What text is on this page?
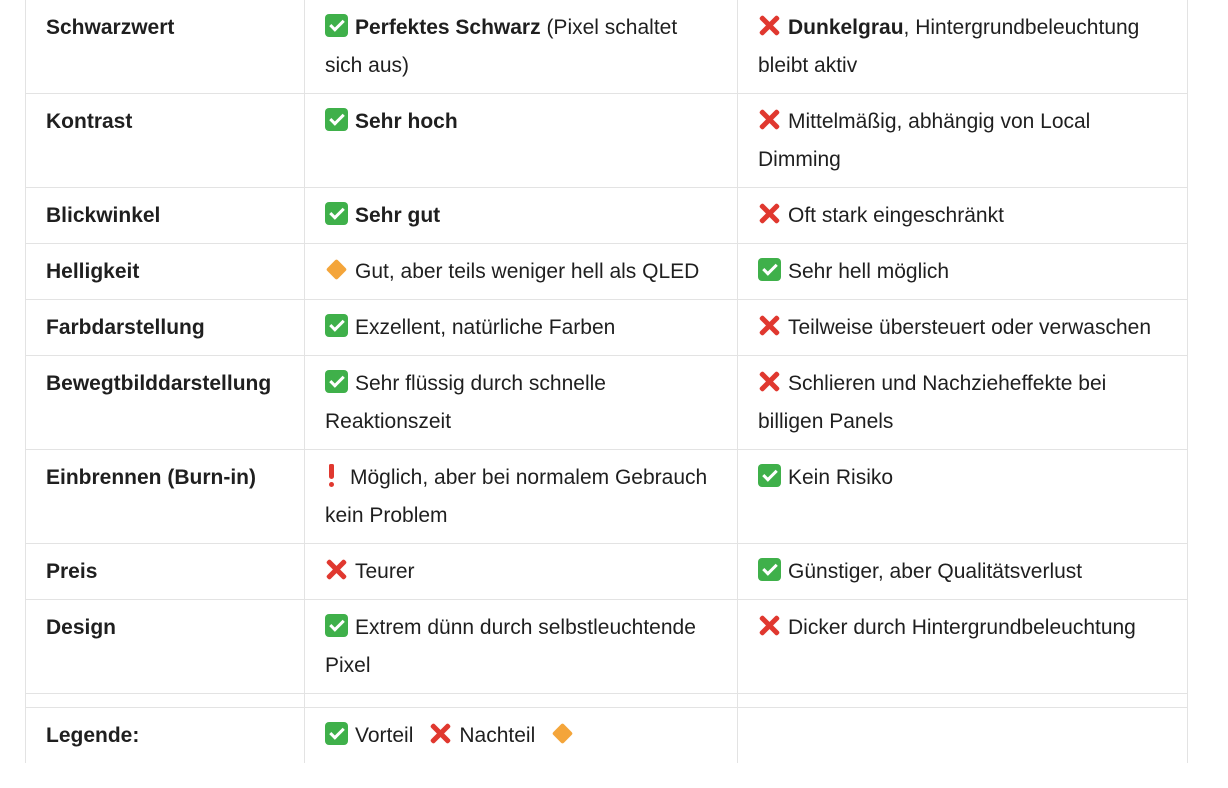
Schwarzwert	Perfektes Schwarz (Pixel schaltet sich aus)	Dunkelgrau, Hintergrundbeleuchtung bleibt aktiv
Kontrast	Sehr hoch	Mittelmäßig, abhängig von Local Dimming
Blickwinkel	Sehr gut	Oft stark eingeschränkt
Helligkeit	Gut, aber teils weniger hell als QLED	Sehr hell möglich
Farbdarstellung	Exzellent, natürliche Farben	Teilweise übersteuert oder verwaschen
Bewegtbilddarstellung	Sehr flüssig durch schnelle Reaktionszeit	Schlieren und Nachzieheffekte bei billigen Panels
Einbrennen (Burn-in)	Möglich, aber bei normalem Gebrauch kein Problem	Kein Risiko
Preis	Teurer	Günstiger, aber Qualitätsverlust
Design	Extrem dünn durch selbstleuchtende Pixel	Dicker durch Hintergrundbeleuchtung

Legende:	Vorteil Nachteil	
